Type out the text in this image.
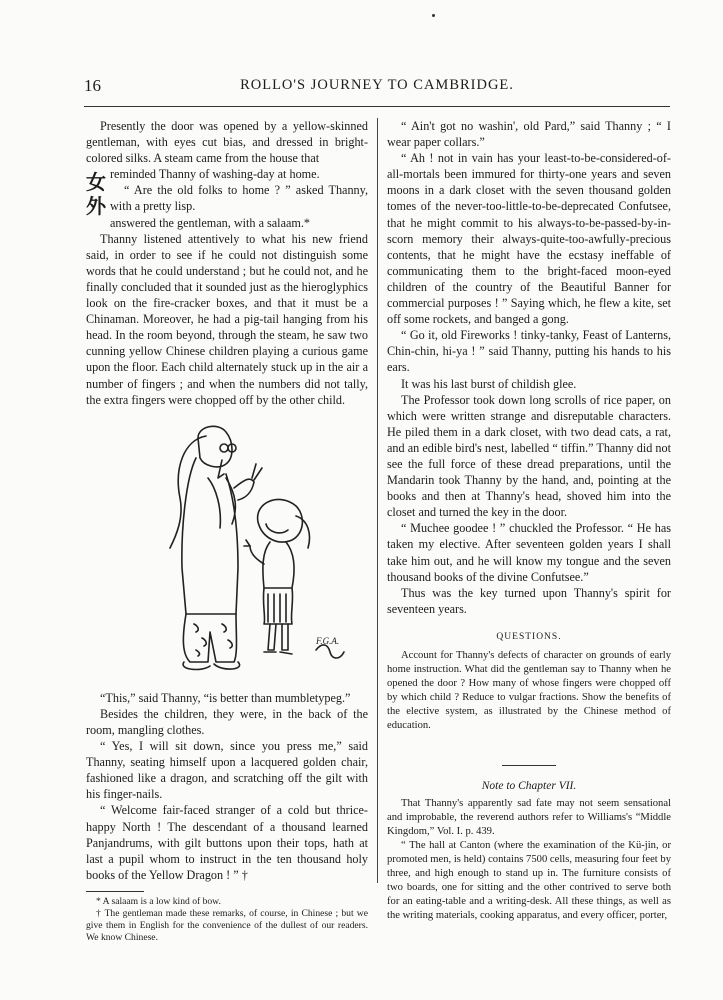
16	ROLLO'S JOURNEY TO CAMBRIDGE.

Presently the door was opened by a yellow-skinned gentleman, with eyes cut bias, and dressed in bright-colored silks. A steam came from the house that

女
外

reminded Thanny of washing-day at home.

“ Are the old folks to home ? ” asked Thanny, with a pretty lisp.

answered the gentleman, with a salaam.*

Thanny listened attentively to what his new friend said, in order to see if he could not distinguish some words that he could understand ; but he could not, and he finally concluded that it sounded just as the hieroglyphics look on the fire-cracker boxes, and that it must be a Chinaman. Moreover, he had a pig-tail hanging from his head. In the room beyond, through the steam, he saw two cunning yellow Chinese children playing a curious game upon the floor. Each child alternately stuck up in the air a number of fingers ; and when the numbers did not tally, the extra fingers were chopped off by the other child.

F.G.A.

“This,” said Thanny, “is better than mumbletypeg.”

Besides the children, they were, in the back of the room, mangling clothes.

“ Yes, I will sit down, since you press me,” said Thanny, seating himself upon a lacquered golden chair, fashioned like a dragon, and scratching off the gilt with his finger-nails.

“ Welcome fair-faced stranger of a cold but thrice-happy North ! The descendant of a thousand learned Panjandrums, with gilt buttons upon their tops, hath at last a pupil whom to instruct in the ten thousand holy books of the Yellow Dragon ! ” †

* A salaam is a low kind of bow.

† The gentleman made these remarks, of course, in Chinese ; but we give them in English for the convenience of the dullest of our readers. We know Chinese.

“ Ain't got no washin', old Pard,” said Thanny ; “ I wear paper collars.”

“ Ah ! not in vain has your least-to-be-considered-of-all-mortals been immured for thirty-one years and seven moons in a dark closet with the seven thousand golden tomes of the never-too-little-to-be-deprecated Confutsee, that he might commit to his always-to-be-passed-by-in-scorn memory their always-quite-too-awfully-precious contents, that he might have the ecstasy ineffable of communicating them to the bright-faced moon-eyed children of the country of the Beautiful Banner for commercial purposes ! ” Saying which, he flew a kite, set off some rockets, and banged a gong.

“ Go it, old Fireworks ! tinky-tanky, Feast of Lanterns, Chin-chin, hi-ya ! ” said Thanny, putting his hands to his ears.

It was his last burst of childish glee.

The Professor took down long scrolls of rice paper, on which were written strange and disreputable characters. He piled them in a dark closet, with two dead cats, a rat, and an edible bird's nest, labelled “ tiffin.” Thanny did not see the full force of these dread preparations, until the Mandarin took Thanny by the hand, and, pointing at the books and then at Thanny's head, shoved him into the closet and turned the key in the door.

“ Muchee goodee ! ” chuckled the Professor. “ He has taken my elective. After seventeen golden years I shall take him out, and he will know my tongue and the seven thousand books of the divine Confutsee.”

Thus was the key turned upon Thanny's spirit for seventeen years.

QUESTIONS.

Account for Thanny's defects of character on grounds of early home instruction. What did the gentleman say to Thanny when he opened the door ? How many of whose fingers were chopped off by which child ? Reduce to vulgar fractions. Show the benefits of the elective system, as illustrated by the Chinese method of education.

Note to Chapter VII.

That Thanny's apparently sad fate may not seem sensational and improbable, the reverend authors refer to Williams's “Middle Kingdom,” Vol. I. p. 439.

“ The hall at Canton (where the examination of the Kü-jin, or promoted men, is held) contains 7500 cells, measuring four feet by three, and high enough to stand up in. The furniture consists of two boards, one for sitting and the other contrived to serve both for an eating-table and a writing-desk. All these things, as well as the writing materials, cooking apparatus, and every officer, porter,
